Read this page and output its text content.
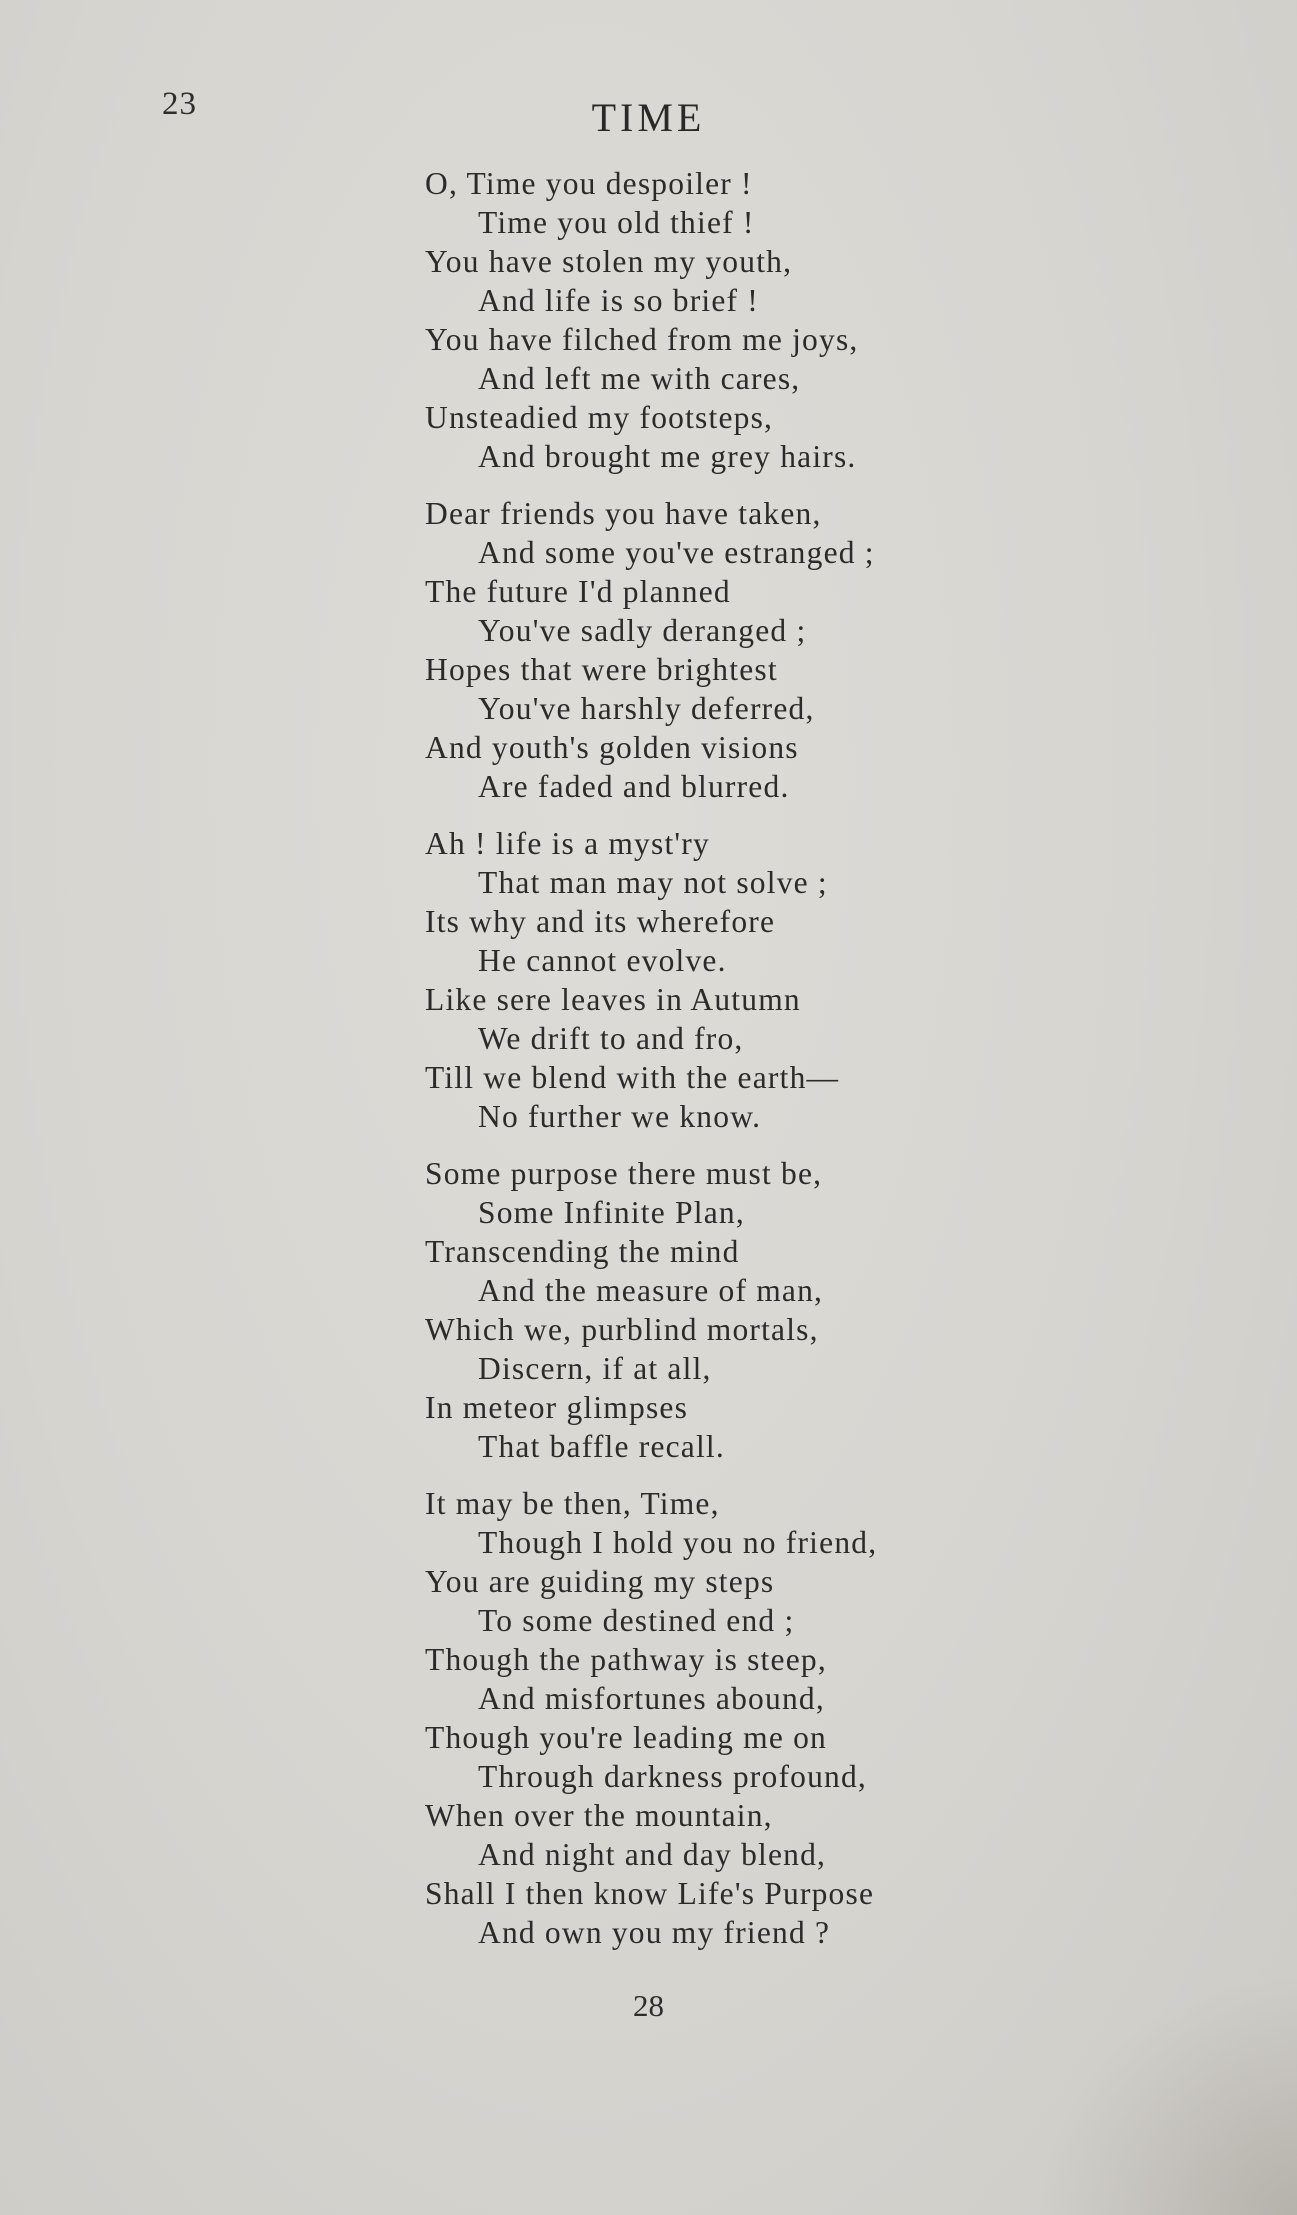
23	TIME
O, Time you despoiler !
Time you old thief !
You have stolen my youth,
And life is so brief !
You have filched from me joys,
And left me with cares,
Unsteadied my footsteps,
And brought me grey hairs.
Dear friends you have taken,
And some you've estranged ;
The future I'd planned
You've sadly deranged ;
Hopes that were brightest
You've harshly deferred,
And youth's golden visions
Are faded and blurred.
Ah ! life is a myst'ry
That man may not solve ;
Its why and its wherefore
He cannot evolve.
Like sere leaves in Autumn
We drift to and fro,
Till we blend with the earth—
No further we know.
Some purpose there must be,
Some Infinite Plan,
Transcending the mind
And the measure of man,
Which we, purblind mortals,
Discern, if at all,
In meteor glimpses
That baffle recall.
It may be then, Time,
Though I hold you no friend,
You are guiding my steps
To some destined end ;
Though the pathway is steep,
And misfortunes abound,
Though you're leading me on
Through darkness profound,
When over the mountain,
And night and day blend,
Shall I then know Life's Purpose
And own you my friend ?
28
